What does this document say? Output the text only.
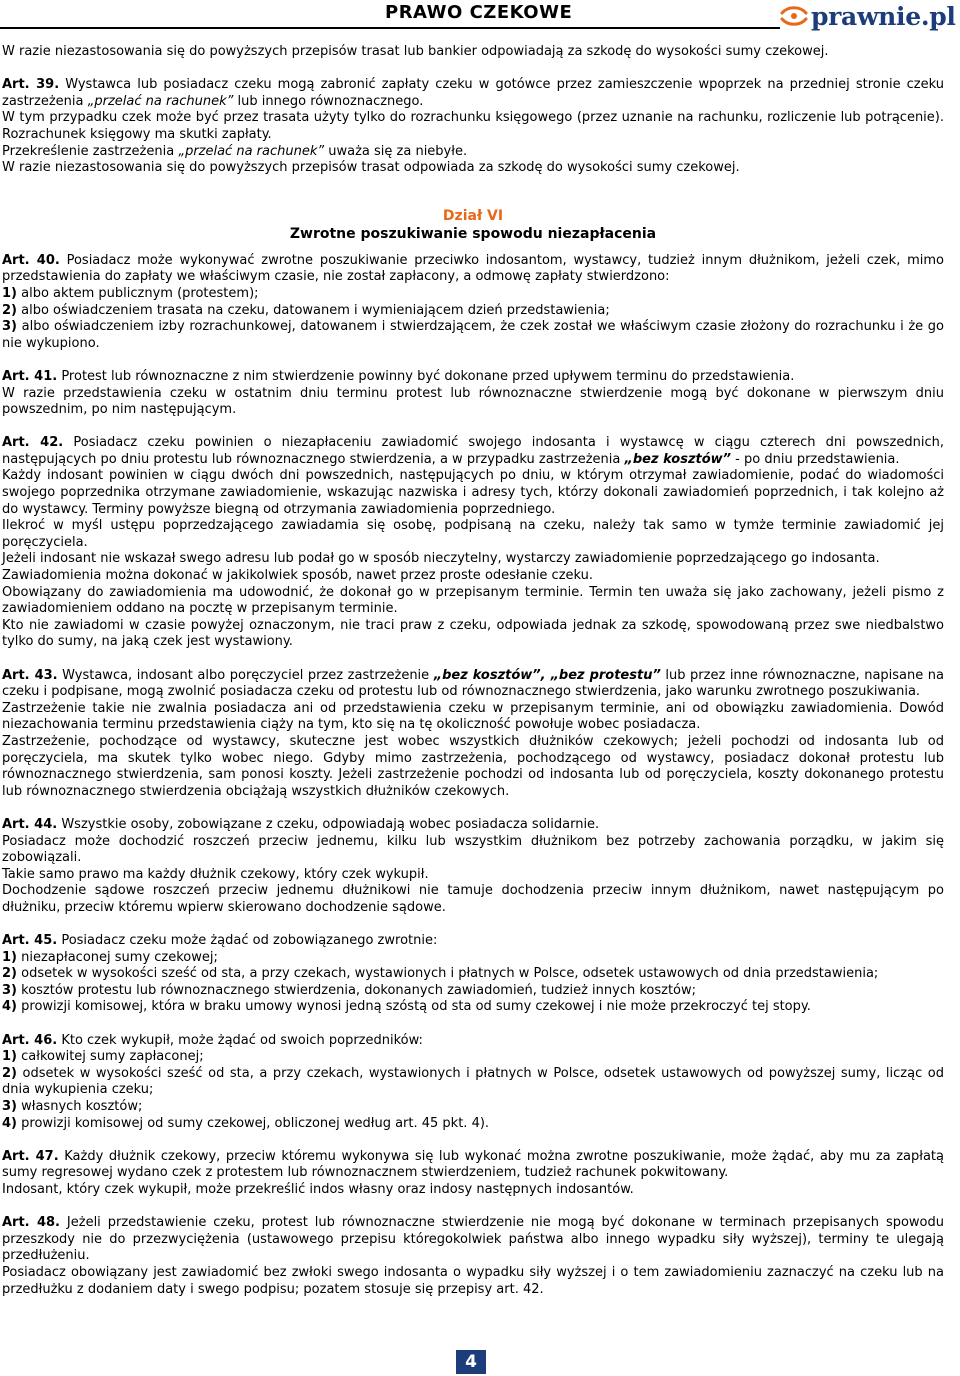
PRAWO CZEKOWE	prawnie.pl

W razie niezastosowania się do powyższych przepisów trasat lub bankier odpowiadają za szkodę do wysokości sumy czekowej.

Art. 39. Wystawca lub posiadacz czeku mogą zabronić zapłaty czeku w gotówce przez zamieszczenie wpoprzek na przedniej stronie czeku zastrzeżenia „przelać na rachunek” lub innego równoznacznego.

W tym przypadku czek może być przez trasata użyty tylko do rozrachunku księgowego (przez uznanie na rachunku, rozliczenie lub potrącenie). Rozrachunek księgowy ma skutki zapłaty.

Przekreślenie zastrzeżenia „przelać na rachunek” uważa się za niebyłe.

W razie niezastosowania się do powyższych przepisów trasat odpowiada za szkodę do wysokości sumy czekowej.

Dział VI

Zwrotne poszukiwanie spowodu niezapłacenia

Art. 40. Posiadacz może wykonywać zwrotne poszukiwanie przeciwko indosantom, wystawcy, tudzież innym dłużnikom, jeżeli czek, mimo przedstawienia do zapłaty we właściwym czasie, nie został zapłacony, a odmowę zapłaty stwierdzono:

1) albo aktem publicznym (protestem);

2) albo oświadczeniem trasata na czeku, datowanem i wymieniającem dzień przedstawienia;

3) albo oświadczeniem izby rozrachunkowej, datowanem i stwierdzającem, że czek został we właściwym czasie złożony do rozrachunku i że go nie wykupiono.

Art. 41. Protest lub równoznaczne z nim stwierdzenie powinny być dokonane przed upływem terminu do przedstawienia.

W razie przedstawienia czeku w ostatnim dniu terminu protest lub równoznaczne stwierdzenie mogą być dokonane w pierwszym dniu powszednim, po nim następującym.

Art. 42. Posiadacz czeku powinien o niezapłaceniu zawiadomić swojego indosanta i wystawcę w ciągu czterech dni powszednich, następujących po dniu protestu lub równoznacznego stwierdzenia, a w przypadku zastrzeżenia „bez kosztów” - po dniu przedstawienia.

Każdy indosant powinien w ciągu dwóch dni powszednich, następujących po dniu, w którym otrzymał zawiadomienie, podać do wiadomości swojego poprzednika otrzymane zawiadomienie, wskazując nazwiska i adresy tych, którzy dokonali zawiadomień poprzednich, i tak kolejno aż do wystawcy. Terminy powyższe biegną od otrzymania zawiadomienia poprzedniego.

Ilekroć w myśl ustępu poprzedzającego zawiadamia się osobę, podpisaną na czeku, należy tak samo w tymże terminie zawiadomić jej poręczyciela.

Jeżeli indosant nie wskazał swego adresu lub podał go w sposób nieczytelny, wystarczy zawiadomienie poprzedzającego go indosanta.

Zawiadomienia można dokonać w jakikolwiek sposób, nawet przez proste odesłanie czeku.

Obowiązany do zawiadomienia ma udowodnić, że dokonał go w przepisanym terminie. Termin ten uważa się jako zachowany, jeżeli pismo z zawiadomieniem oddano na pocztę w przepisanym terminie.

Kto nie zawiadomi w czasie powyżej oznaczonym, nie traci praw z czeku, odpowiada jednak za szkodę, spowodowaną przez swe niedbalstwo tylko do sumy, na jaką czek jest wystawiony.

Art. 43. Wystawca, indosant albo poręczyciel przez zastrzeżenie „bez kosztów”, „bez protestu” lub przez inne równoznaczne, napisane na czeku i podpisane, mogą zwolnić posiadacza czeku od protestu lub od równoznacznego stwierdzenia, jako warunku zwrotnego poszukiwania.

Zastrzeżenie takie nie zwalnia posiadacza ani od przedstawienia czeku w przepisanym terminie, ani od obowiązku zawiadomienia. Dowód niezachowania terminu przedstawienia ciąży na tym, kto się na tę okoliczność powołuje wobec posiadacza.

Zastrzeżenie, pochodzące od wystawcy, skuteczne jest wobec wszystkich dłużników czekowych; jeżeli pochodzi od indosanta lub od poręczyciela, ma skutek tylko wobec niego. Gdyby mimo zastrzeżenia, pochodzącego od wystawcy, posiadacz dokonał protestu lub równoznacznego stwierdzenia, sam ponosi koszty. Jeżeli zastrzeżenie pochodzi od indosanta lub od poręczyciela, koszty dokonanego protestu lub równoznacznego stwierdzenia obciążają wszystkich dłużników czekowych.

Art. 44. Wszystkie osoby, zobowiązane z czeku, odpowiadają wobec posiadacza solidarnie.

Posiadacz może dochodzić roszczeń przeciw jednemu, kilku lub wszystkim dłużnikom bez potrzeby zachowania porządku, w jakim się zobowiązali.

Takie samo prawo ma każdy dłużnik czekowy, który czek wykupił.

Dochodzenie sądowe roszczeń przeciw jednemu dłużnikowi nie tamuje dochodzenia przeciw innym dłużnikom, nawet następującym po dłużniku, przeciw któremu wpierw skierowano dochodzenie sądowe.

Art. 45. Posiadacz czeku może żądać od zobowiązanego zwrotnie:

1) niezapłaconej sumy czekowej;

2) odsetek w wysokości sześć od sta, a przy czekach, wystawionych i płatnych w Polsce, odsetek ustawowych od dnia przedstawienia;

3) kosztów protestu lub równoznacznego stwierdzenia, dokonanych zawiadomień, tudzież innych kosztów;

4) prowizji komisowej, która w braku umowy wynosi jedną szóstą od sta od sumy czekowej i nie może przekroczyć tej stopy.

Art. 46. Kto czek wykupił, może żądać od swoich poprzedników:

1) całkowitej sumy zapłaconej;

2) odsetek w wysokości sześć od sta, a przy czekach, wystawionych i płatnych w Polsce, odsetek ustawowych od powyższej sumy, licząc od dnia wykupienia czeku;

3) własnych kosztów;

4) prowizji komisowej od sumy czekowej, obliczonej według art. 45 pkt. 4).

Art. 47. Każdy dłużnik czekowy, przeciw któremu wykonywa się lub wykonać można zwrotne poszukiwanie, może żądać, aby mu za zapłatą sumy regresowej wydano czek z protestem lub równoznacznem stwierdzeniem, tudzież rachunek pokwitowany.

Indosant, który czek wykupił, może przekreślić indos własny oraz indosy następnych indosantów.

Art. 48. Jeżeli przedstawienie czeku, protest lub równoznaczne stwierdzenie nie mogą być dokonane w terminach przepisanych spowodu przeszkody nie do przezwyciężenia (ustawowego przepisu któregokolwiek państwa albo innego wypadku siły wyższej), terminy te ulegają przedłużeniu.

Posiadacz obowiązany jest zawiadomić bez zwłoki swego indosanta o wypadku siły wyższej i o tem zawiadomieniu zaznaczyć na czeku lub na przedłużku z dodaniem daty i swego podpisu; pozatem stosuje się przepisy art. 42.

4
